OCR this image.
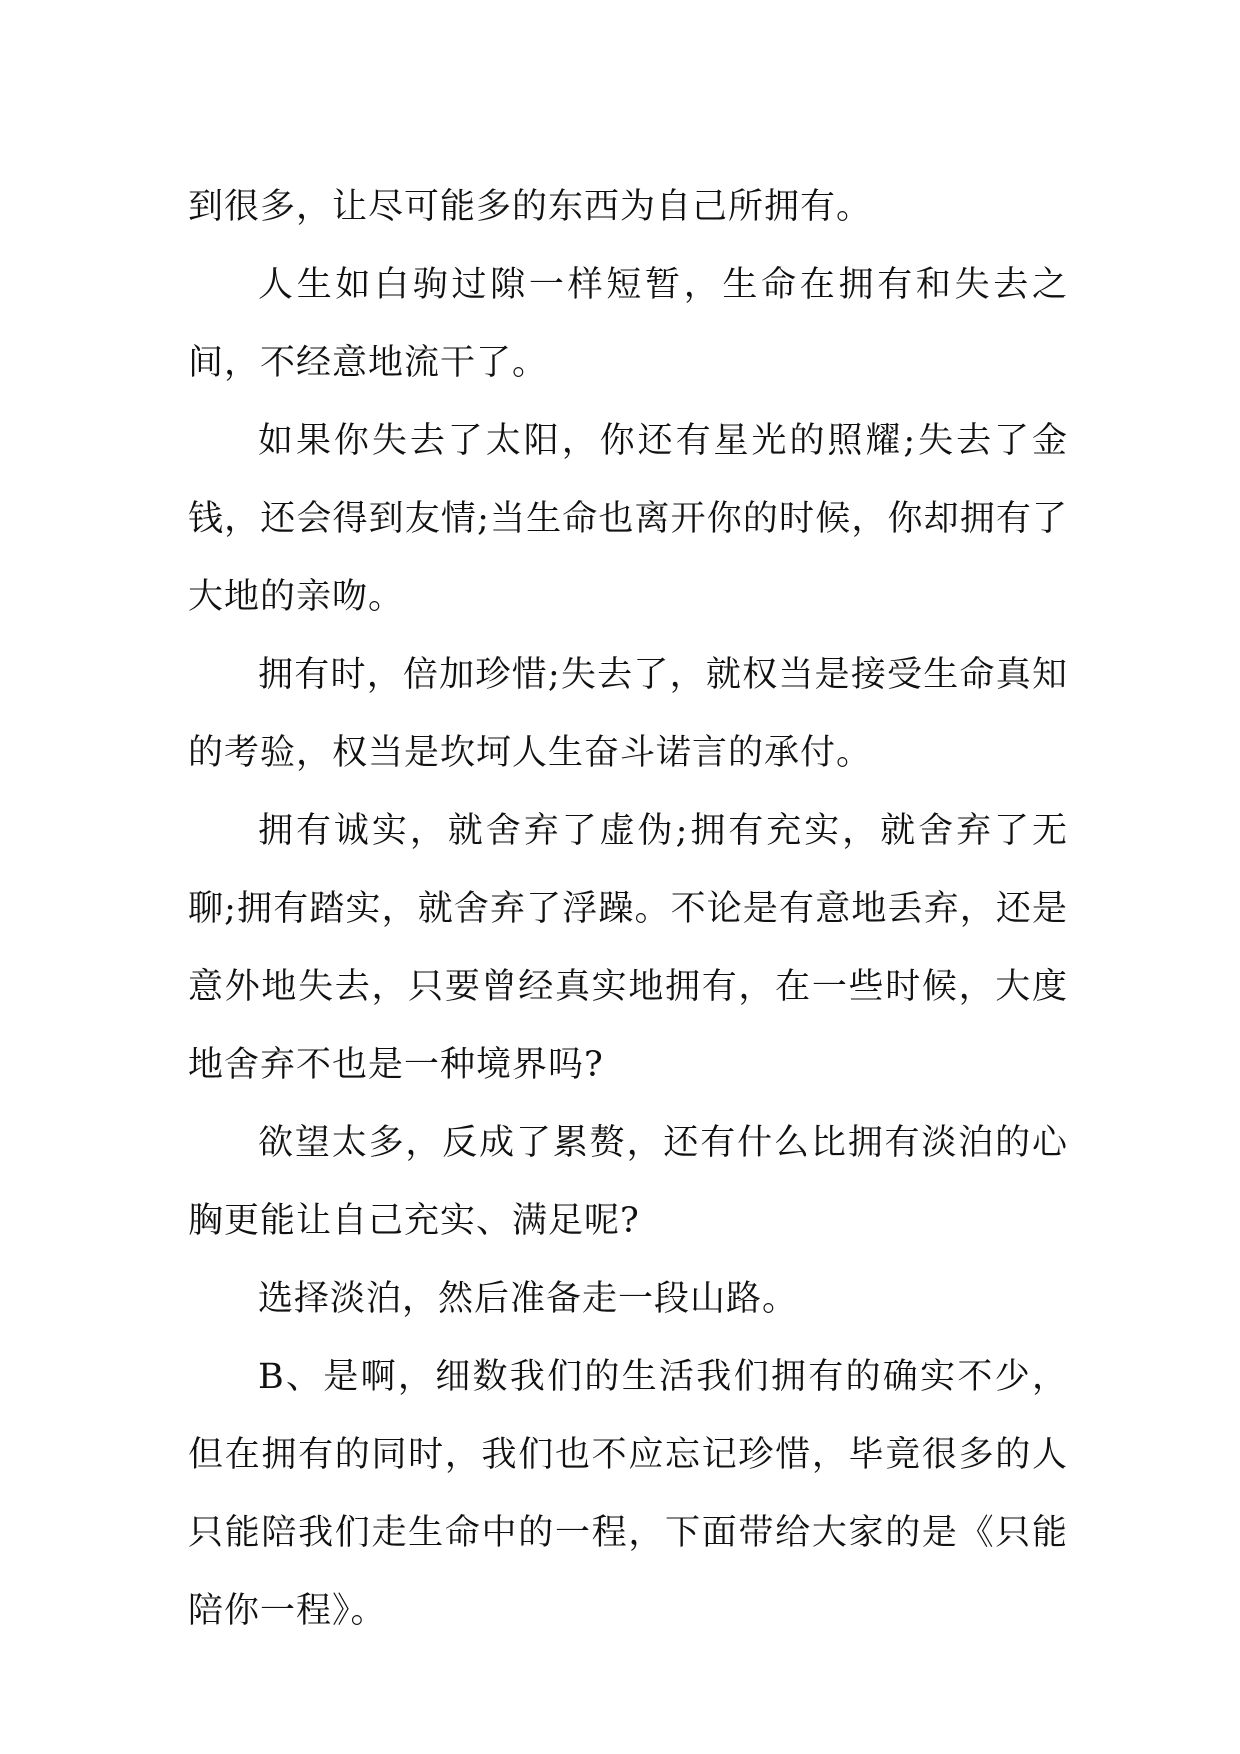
到很多，让尽可能多的东西为自己所拥有。

人生如白驹过隙一样短暂，生命在拥有和失去之间，不经意地流干了。

如果你失去了太阳，你还有星光的照耀;失去了金钱，还会得到友情;当生命也离开你的时候，你却拥有了大地的亲吻。

拥有时，倍加珍惜;失去了，就权当是接受生命真知的考验，权当是坎坷人生奋斗诺言的承付。

拥有诚实，就舍弃了虚伪;拥有充实，就舍弃了无聊;拥有踏实，就舍弃了浮躁。不论是有意地丢弃，还是意外地失去，只要曾经真实地拥有，在一些时候，大度地舍弃不也是一种境界吗?

欲望太多，反成了累赘，还有什么比拥有淡泊的心胸更能让自己充实、满足呢?

选择淡泊，然后准备走一段山路。

B、是啊，细数我们的生活我们拥有的确实不少，但在拥有的同时，我们也不应忘记珍惜，毕竟很多的人只能陪我们走生命中的一程，下面带给大家的是《只能陪你一程》。
